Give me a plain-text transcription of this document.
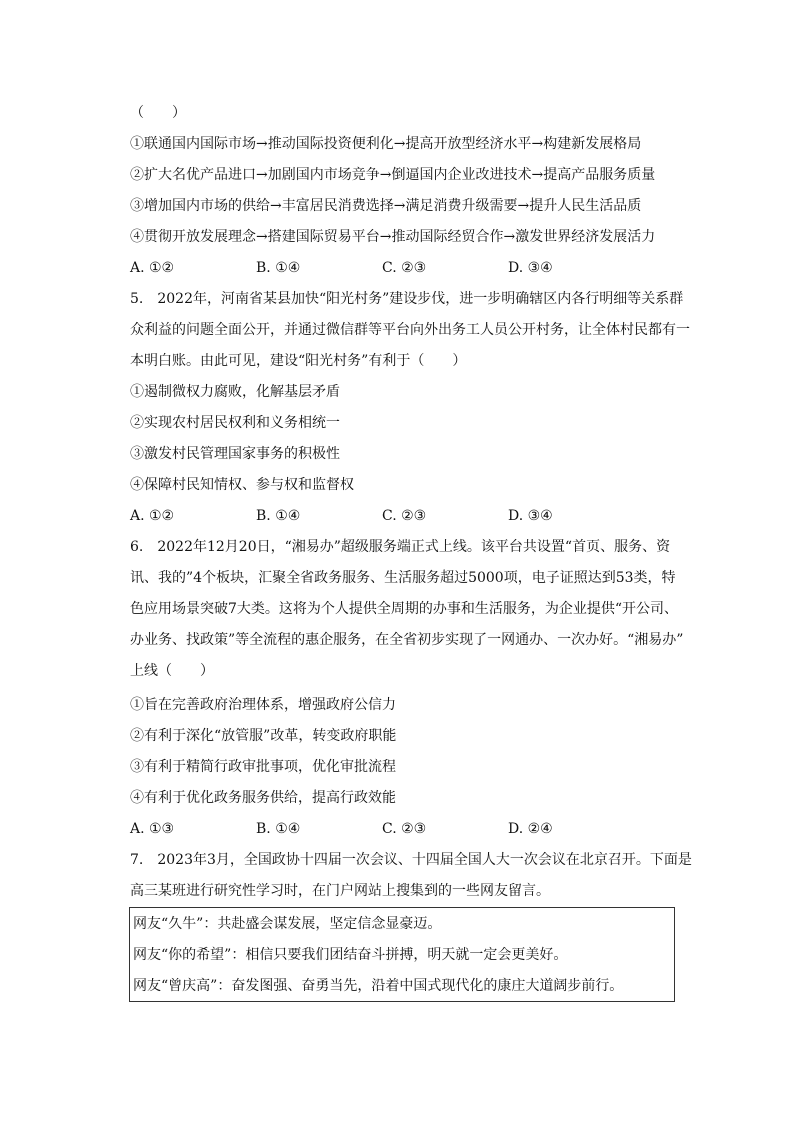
（　　）
①联通国内国际市场→推动国际投资便利化→提高开放型经济水平→构建新发展格局
②扩大名优产品进口→加剧国内市场竞争→倒逼国内企业改进技术→提高产品服务质量
③增加国内市场的供给→丰富居民消费选择→满足消费升级需要→提升人民生活品质
④贯彻开放发展理念→搭建国际贸易平台→推动国际经贸合作→激发世界经济发展活力
A. ①②	B. ①④	C. ②③	D. ③④
5.　2022年，河南省某县加快“阳光村务”建设步伐，进一步明确辖区内各行明细等关系群
众利益的问题全面公开，并通过微信群等平台向外出务工人员公开村务，让全体村民都有一
本明白账。由此可见，建设“阳光村务”有利于（　　）
①遏制微权力腐败，化解基层矛盾
②实现农村居民权利和义务相统一
③激发村民管理国家事务的积极性
④保障村民知情权、参与权和监督权
A. ①②	B. ①④	C. ②③	D. ③④
6.　2022年12月20日，“湘易办”超级服务端正式上线。该平台共设置“首页、服务、资
讯、我的”4个板块，汇聚全省政务服务、生活服务超过5000项，电子证照达到53类，特
色应用场景突破7大类。这将为个人提供全周期的办事和生活服务，为企业提供“开公司、
办业务、找政策”等全流程的惠企服务，在全省初步实现了一网通办、一次办好。“湘易办”
上线（　　）
①旨在完善政府治理体系，增强政府公信力
②有利于深化“放管服”改革，转变政府职能
③有利于精简行政审批事项，优化审批流程
④有利于优化政务服务供给，提高行政效能
A. ①③	B. ①④	C. ②③	D. ②④
7.　2023年3月，全国政协十四届一次会议、十四届全国人大一次会议在北京召开。下面是
高三某班进行研究性学习时，在门户网站上搜集到的一些网友留言。
网友“久牛”：共赴盛会谋发展，坚定信念显豪迈。
网友“你的希望”：相信只要我们团结奋斗拼搏，明天就一定会更美好。
网友“曾庆高”：奋发图强、奋勇当先，沿着中国式现代化的康庄大道阔步前行。
